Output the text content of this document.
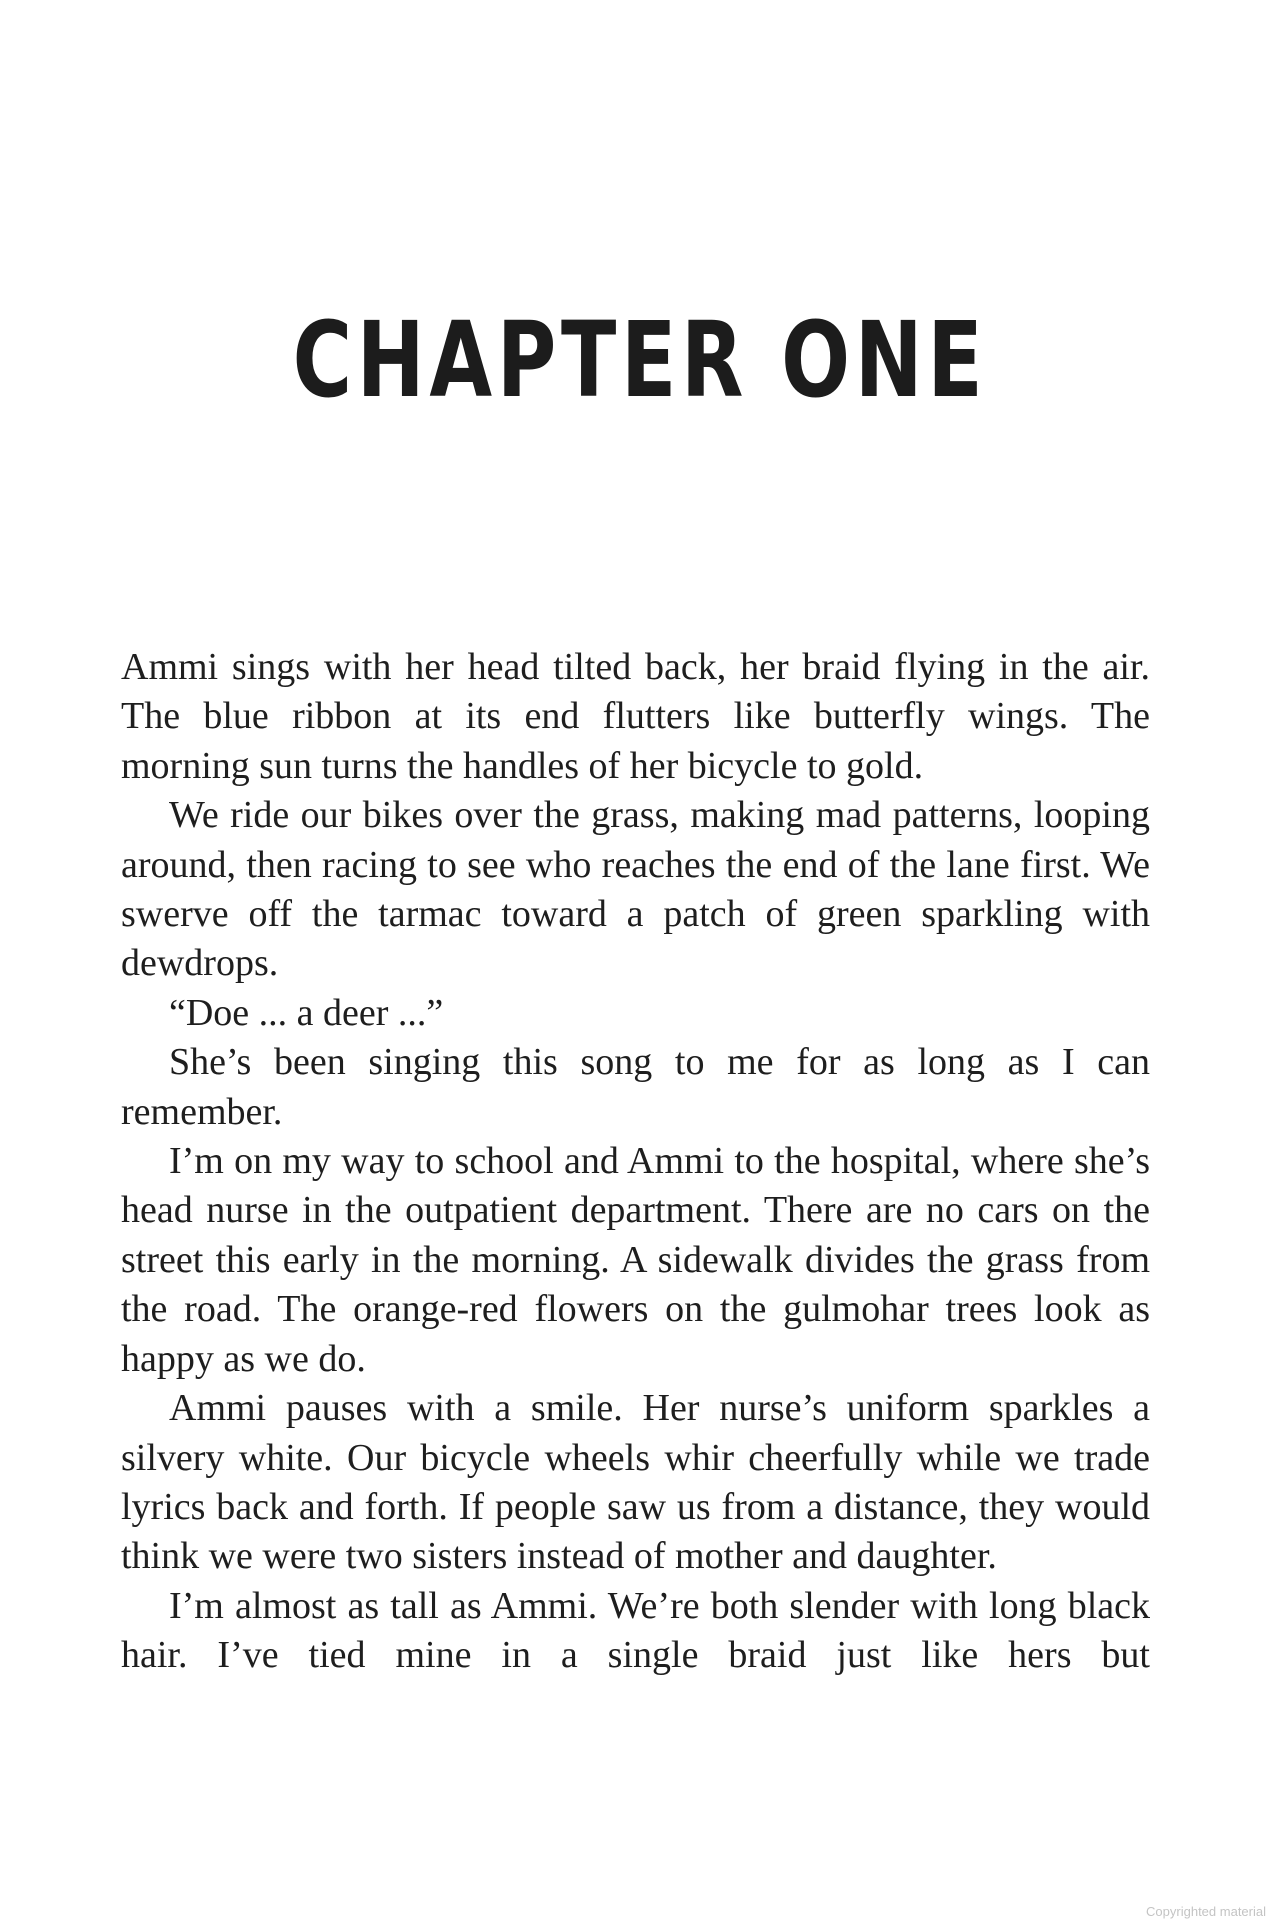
CHAPTER ONE

Ammi sings with her head tilted back, her braid flying in the air. The blue ribbon at its end flutters like butterfly wings. The morning sun turns the handles of her bicycle to gold.

We ride our bikes over the grass, making mad patterns, looping around, then racing to see who reaches the end of the lane first. We swerve off the tarmac toward a patch of green sparkling with dewdrops.

“Doe ... a deer ...”

She’s been singing this song to me for as long as I can remember.

I’m on my way to school and Ammi to the hospital, where she’s head nurse in the outpatient department. There are no cars on the street this early in the morning. A sidewalk divides the grass from the road. The orange-red flowers on the gulmohar trees look as happy as we do.

Ammi pauses with a smile. Her nurse’s uniform sparkles a silvery white. Our bicycle wheels whir cheerfully while we trade lyrics back and forth. If people saw us from a distance, they would think we were two sisters instead of mother and daughter.

I’m almost as tall as Ammi. We’re both slender with long black hair. I’ve tied mine in a single braid just like hers but

Copyrighted material
